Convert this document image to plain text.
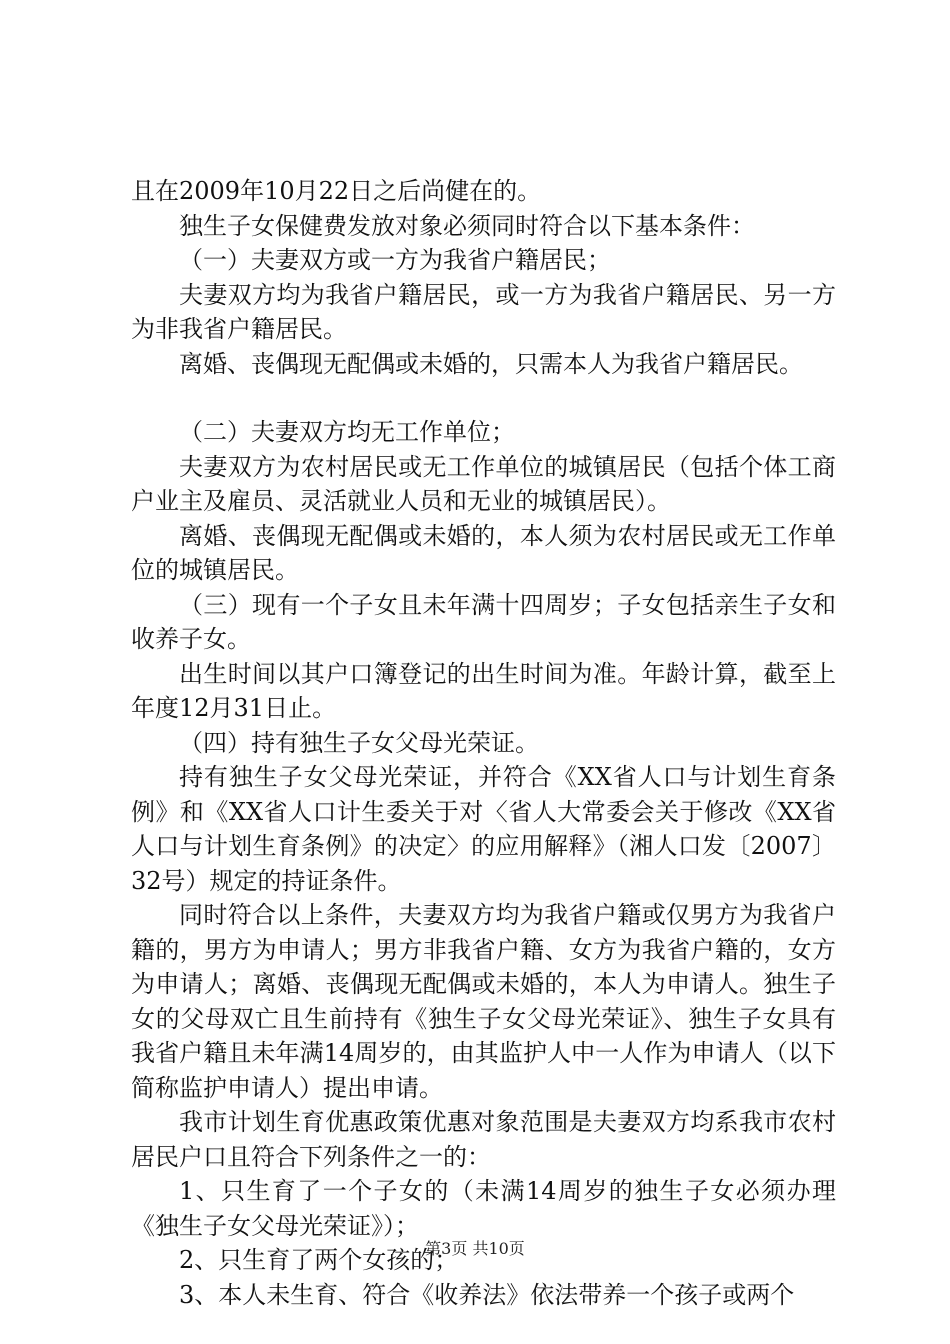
且在2009年10月22日之后尚健在的。
独生子女保健费发放对象必须同时符合以下基本条件：
（一）夫妻双方或一方为我省户籍居民；
夫妻双方均为我省户籍居民，或一方为我省户籍居民、另一方为非我省户籍居民。
离婚、丧偶现无配偶或未婚的，只需本人为我省户籍居民。
（二）夫妻双方均无工作单位；
夫妻双方为农村居民或无工作单位的城镇居民（包括个体工商户业主及雇员、灵活就业人员和无业的城镇居民）。
离婚、丧偶现无配偶或未婚的，本人须为农村居民或无工作单位的城镇居民。
（三）现有一个子女且未年满十四周岁；子女包括亲生子女和收养子女。
出生时间以其户口簿登记的出生时间为准。年龄计算，截至上年度12月31日止。
（四）持有独生子女父母光荣证。
持有独生子女父母光荣证，并符合《XX省人口与计划生育条例》和《XX省人口计生委关于对〈省人大常委会关于修改《XX省人口与计划生育条例》的决定〉的应用解释》（湘人口发〔2007〕32号）规定的持证条件。
同时符合以上条件，夫妻双方均为我省户籍或仅男方为我省户籍的，男方为申请人；男方非我省户籍、女方为我省户籍的，女方为申请人；离婚、丧偶现无配偶或未婚的，本人为申请人。独生子女的父母双亡且生前持有《独生子女父母光荣证》、独生子女具有我省户籍且未年满14周岁的，由其监护人中一人作为申请人（以下简称监护申请人）提出申请。
我市计划生育优惠政策优惠对象范围是夫妻双方均系我市农村居民户口且符合下列条件之一的：
1、只生育了一个子女的（未满14周岁的独生子女必须办理《独生子女父母光荣证》）；
2、只生育了两个女孩的；
3、本人未生育、符合《收养法》依法带养一个孩子或两个
第3页 共10页
